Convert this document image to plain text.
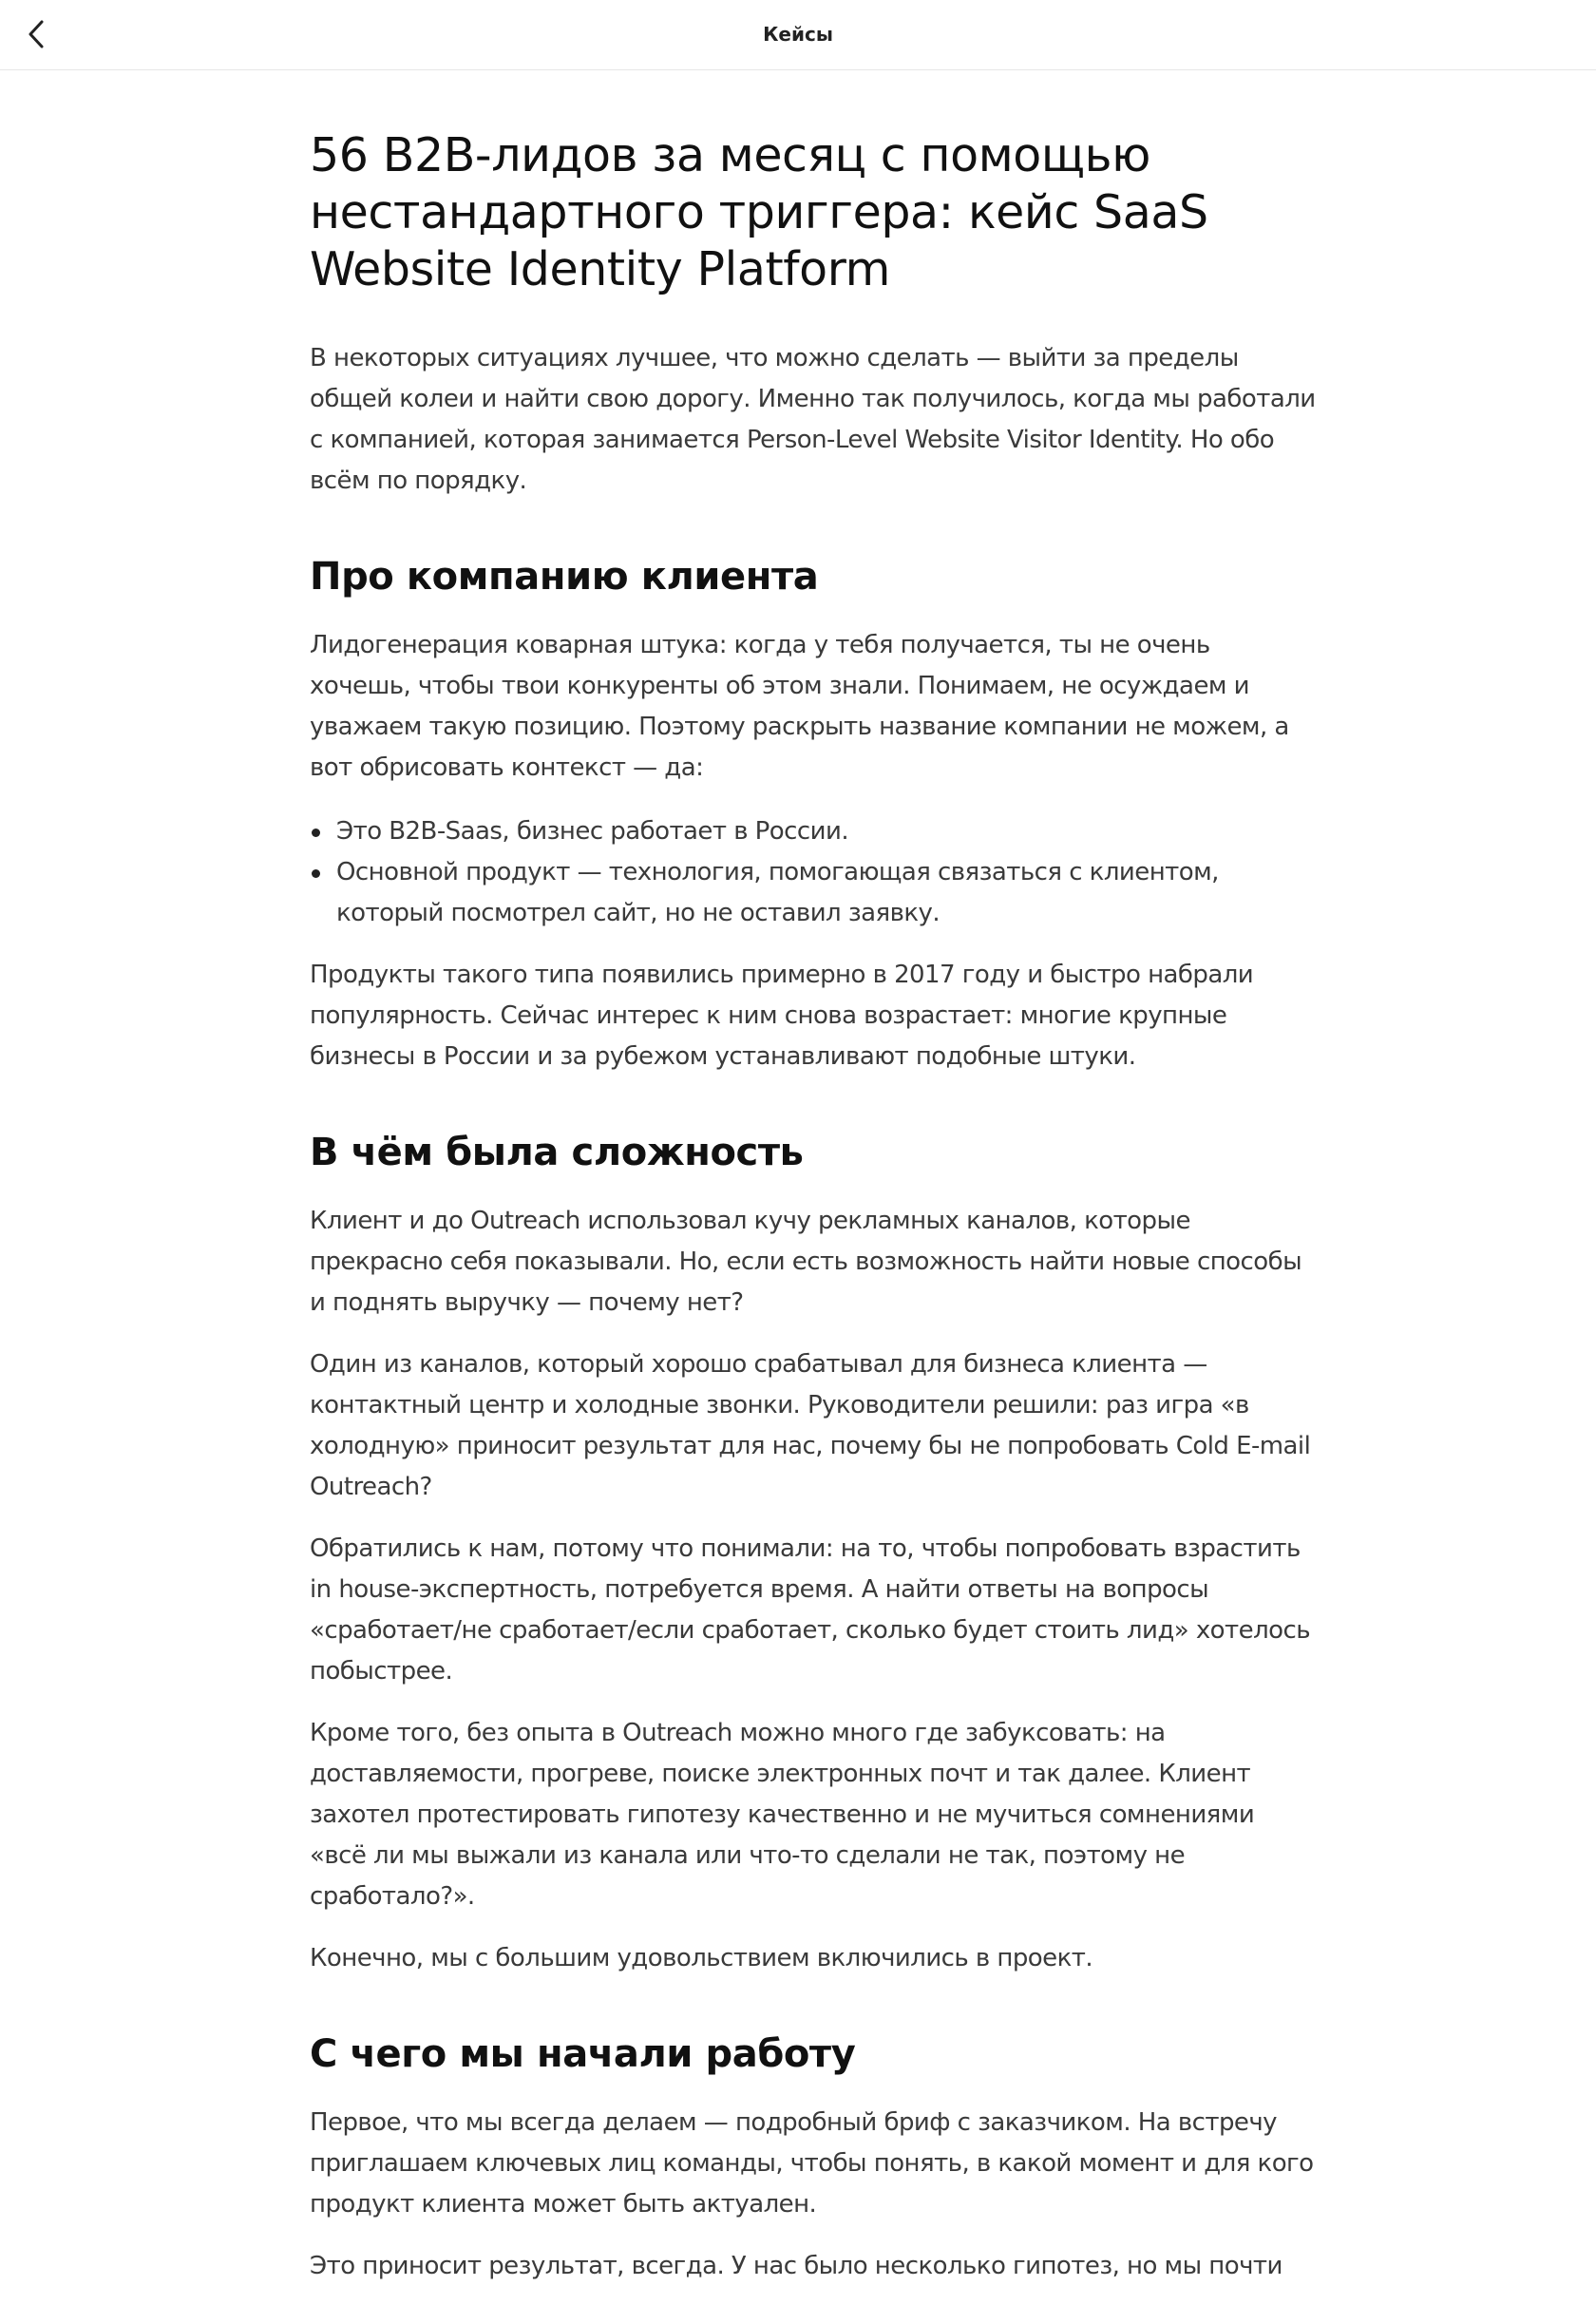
Кейсы
56 B2B-лидов за месяц с помощью нестандартного триггера: кейс SaaS Website Identity Platform

В некоторых ситуациях лучшее, что можно сделать — выйти за пределы общей колеи и найти свою дорогу. Именно так получилось, когда мы работали с компанией, которая занимается Person-Level Website Visitor Identity. Но обо всём по порядку.

Про компанию клиента

Лидогенерация коварная штука: когда у тебя получается, ты не очень хочешь, чтобы твои конкуренты об этом знали. Понимаем, не осуждаем и уважаем такую позицию. Поэтому раскрыть название компании не можем, а вот обрисовать контекст — да:

Это B2B-Saas, бизнес работает в России.
Основной продукт — технология, помогающая связаться с клиентом, который посмотрел сайт, но не оставил заявку.

Продукты такого типа появились примерно в 2017 году и быстро набрали популярность. Сейчас интерес к ним снова возрастает: многие крупные бизнесы в России и за рубежом устанавливают подобные штуки.

В чём была сложность

Клиент и до Outreach использовал кучу рекламных каналов, которые прекрасно себя показывали. Но, если есть возможность найти новые способы и поднять выручку — почему нет?

Один из каналов, который хорошо срабатывал для бизнеса клиента — контактный центр и холодные звонки. Руководители решили: раз игра «в холодную» приносит результат для нас, почему бы не попробовать Cold E-mail Outreach?

Обратились к нам, потому что понимали: на то, чтобы попробовать взрастить in house-экспертность, потребуется время. А найти ответы на вопросы «сработает/не сработает/если сработает, сколько будет стоить лид» хотелось побыстрее.

Кроме того, без опыта в Outreach можно много где забуксовать: на доставляемости, прогреве, поиске электронных почт и так далее. Клиент захотел протестировать гипотезу качественно и не мучиться сомнениями «всё ли мы выжали из канала или что-то сделали не так, поэтому не сработало?».

Конечно, мы с большим удовольствием включились в проект.

С чего мы начали работу

Первое, что мы всегда делаем — подробный бриф с заказчиком. На встречу приглашаем ключевых лиц команды, чтобы понять, в какой момент и для кого продукт клиента может быть актуален.

Это приносит результат, всегда. У нас было несколько гипотез, но мы почти
